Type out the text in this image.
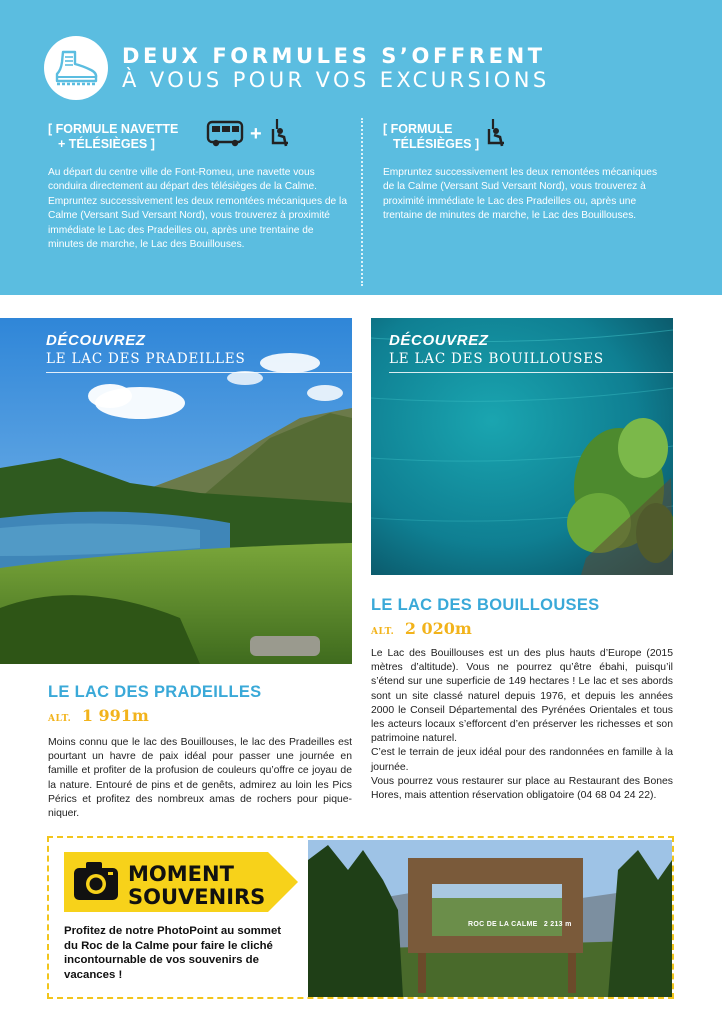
DEUX FORMULES S’OFFRENT
À VOUS POUR VOS EXCURSIONS
[ FORMULE NAVETTE
+ TÉLÉSIÈGES ]	+
Au départ du centre ville de Font-Romeu, une navette vous conduira directement au départ des télésièges de la Calme. Empruntez successivement les deux remontées mécaniques de la Calme (Versant Sud Versant Nord), vous trouverez à proximité immédiate le Lac des Pradeilles ou, après une trentaine de minutes de marche, le Lac des Bouillouses.
[ FORMULE
TÉLÉSIÈGES ]
Empruntez successivement les deux remontées mécaniques de la Calme (Versant Sud Versant Nord), vous trouverez à proximité immédiate le Lac des Pradeilles ou, après une trentaine de minutes de marche, le Lac des Bouillouses.
DÉCOUVREZ
LE LAC DES PRADEILLES
DÉCOUVREZ
LE LAC DES BOUILLOUSES
LE LAC DES BOUILLOUSES
ALT. 2 020m
Le Lac des Bouillouses est un des plus hauts d’Europe (2015 mètres d’altitude). Vous ne pourrez qu’être ébahi, puisqu’il s’étend sur une superficie de 149 hectares ! Le lac et ses abords sont un site classé naturel depuis 1976, et depuis les années 2000 le Conseil Départemental des Pyrénées Orientales et tous les acteurs locaux s’efforcent d’en préserver les richesses et son patrimoine naturel.
C’est le terrain de jeux idéal pour des randonnées en famille à la journée.
Vous pourrez vous restaurer sur place au Restaurant des Bones Hores, mais attention réservation obligatoire (04 68 04 24 22).
LE LAC DES PRADEILLES
ALT. 1 991m
Moins connu que le lac des Bouillouses, le lac des Pradeilles est pourtant un havre de paix idéal pour passer une journée en famille et profiter de la profusion de couleurs qu’offre ce joyau de la nature. Entouré de pins et de genêts, admirez au loin les Pics Pérics et profitez des nombreux amas de rochers pour pique-niquer.
MOMENT
SOUVENIRS
Profitez de notre PhotoPoint au sommet du Roc de la Calme pour faire le cliché incontournable de vos souvenirs de vacances !
ROC DE LA CALME 2 213 m
